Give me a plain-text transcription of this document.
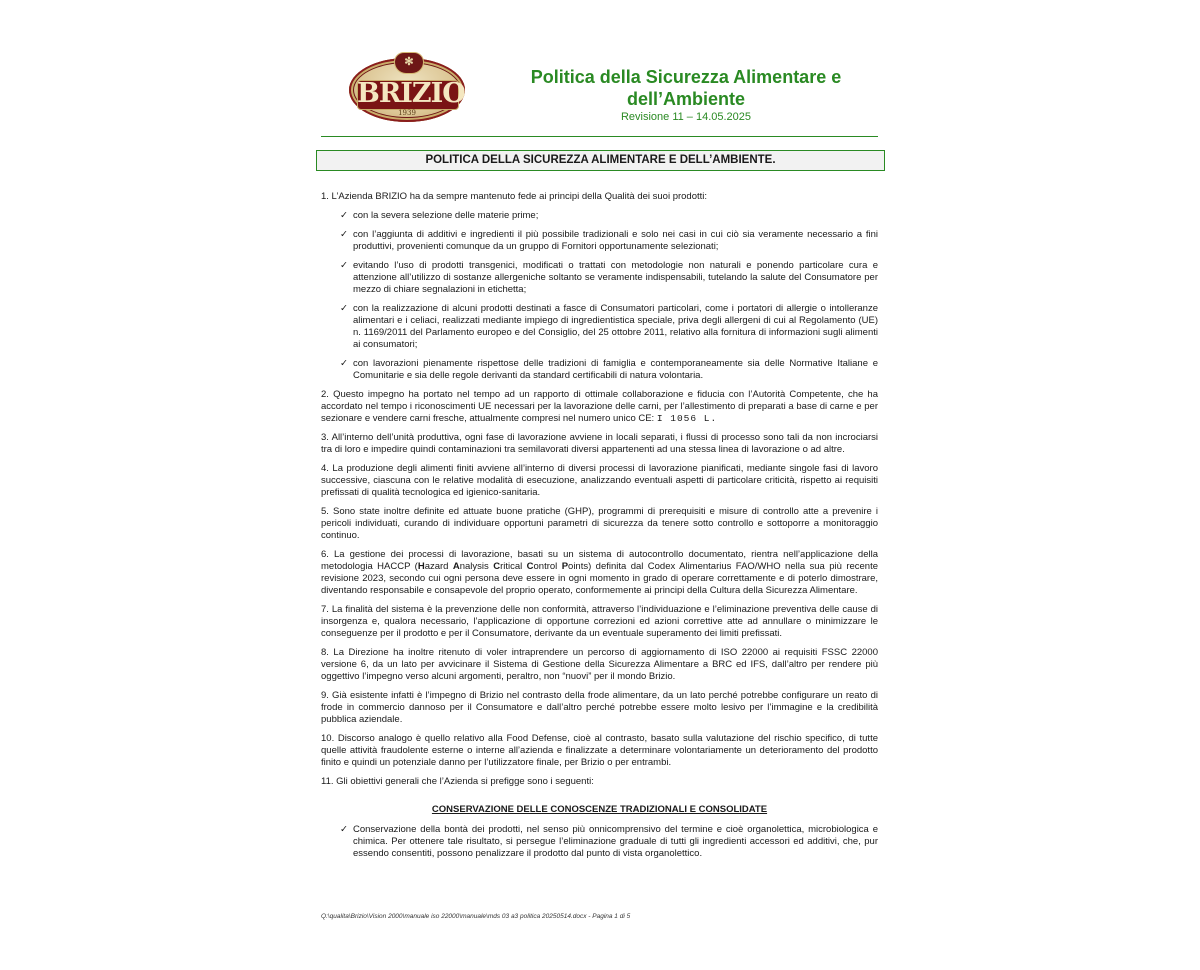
✻
BRIZIO
1939
Politica della Sicurezza Alimentare e
dell’Ambiente
Revisione 11 – 14.05.2025
POLITICA DELLA SICUREZZA ALIMENTARE E DELL’AMBIENTE.

1. L’Azienda BRIZIO ha da sempre mantenuto fede ai principi della Qualità dei suoi prodotti:

✓ con la severa selezione delle materie prime;
✓ con l’aggiunta di additivi e ingredienti il più possibile tradizionali e solo nei casi in cui ciò sia veramente necessario a fini produttivi, provenienti comunque da un gruppo di Fornitori opportunamente selezionati;
✓ evitando l’uso di prodotti transgenici, modificati o trattati con metodologie non naturali e ponendo particolare cura e attenzione all’utilizzo di sostanze allergeniche soltanto se veramente indispensabili, tutelando la salute del Consumatore per mezzo di chiare segnalazioni in etichetta;
✓ con la realizzazione di alcuni prodotti destinati a fasce di Consumatori particolari, come i portatori di allergie o intolleranze alimentari e i celiaci, realizzati mediante impiego di ingredientistica speciale, priva degli allergeni di cui al Regolamento (UE) n. 1169/2011 del Parlamento europeo e del Consiglio, del 25 ottobre 2011, relativo alla fornitura di informazioni sugli alimenti ai consumatori;
✓ con lavorazioni pienamente rispettose delle tradizioni di famiglia e contemporaneamente sia delle Normative Italiane e Comunitarie e sia delle regole derivanti da standard certificabili di natura volontaria.

2. Questo impegno ha portato nel tempo ad un rapporto di ottimale collaborazione e fiducia con l’Autorità Competente, che ha accordato nel tempo i riconoscimenti UE necessari per la lavorazione delle carni, per l’allestimento di preparati a base di carne e per sezionare e vendere carni fresche, attualmente compresi nel numero unico CE: I 1056 L.

3. All’interno dell’unità produttiva, ogni fase di lavorazione avviene in locali separati, i flussi di processo sono tali da non incrociarsi tra di loro e impedire quindi contaminazioni tra semilavorati diversi appartenenti ad una stessa linea di lavorazione o ad altre.

4. La produzione degli alimenti finiti avviene all’interno di diversi processi di lavorazione pianificati, mediante singole fasi di lavoro successive, ciascuna con le relative modalità di esecuzione, analizzando eventuali aspetti di particolare criticità, rispetto ai requisiti prefissati di qualità tecnologica ed igienico-sanitaria.

5. Sono state inoltre definite ed attuate buone pratiche (GHP), programmi di prerequisiti e misure di controllo atte a prevenire i pericoli individuati, curando di individuare opportuni parametri di sicurezza da tenere sotto controllo e sottoporre a monitoraggio continuo.

6. La gestione dei processi di lavorazione, basati su un sistema di autocontrollo documentato, rientra nell’applicazione della metodologia HACCP (Hazard Analysis Critical Control Points) definita dal Codex Alimentarius FAO/WHO nella sua più recente revisione 2023, secondo cui ogni persona deve essere in ogni momento in grado di operare correttamente e di poterlo dimostrare, diventando responsabile e consapevole del proprio operato, conformemente ai principi della Cultura della Sicurezza Alimentare.

7. La finalità del sistema è la prevenzione delle non conformità, attraverso l’individuazione e l’eliminazione preventiva delle cause di insorgenza e, qualora necessario, l’applicazione di opportune correzioni ed azioni correttive atte ad annullare o minimizzare le conseguenze per il prodotto e per il Consumatore, derivante da un eventuale superamento dei limiti prefissati.

8. La Direzione ha inoltre ritenuto di voler intraprendere un percorso di aggiornamento di ISO 22000 ai requisiti FSSC 22000 versione 6, da un lato per avvicinare il Sistema di Gestione della Sicurezza Alimentare a BRC ed IFS, dall’altro per rendere più oggettivo l’impegno verso alcuni argomenti, peraltro, non “nuovi” per il mondo Brizio.

9. Già esistente infatti è l’impegno di Brizio nel contrasto della frode alimentare, da un lato perché potrebbe configurare un reato di frode in commercio dannoso per il Consumatore e dall’altro perché potrebbe essere molto lesivo per l’immagine e la credibilità pubblica aziendale.

10. Discorso analogo è quello relativo alla Food Defense, cioè al contrasto, basato sulla valutazione del rischio specifico, di tutte quelle attività fraudolente esterne o interne all’azienda e finalizzate a determinare volontariamente un deterioramento del prodotto finito e quindi un potenziale danno per l’utilizzatore finale, per Brizio o per entrambi.

11. Gli obiettivi generali che l’Azienda si prefigge sono i seguenti:

CONSERVAZIONE DELLE CONOSCENZE TRADIZIONALI E CONSOLIDATE
✓ Conservazione della bontà dei prodotti, nel senso più onnicomprensivo del termine e cioè organolettica, microbiologica e chimica. Per ottenere tale risultato, si persegue l’eliminazione graduale di tutti gli ingredienti accessori ed additivi, che, pur essendo consentiti, possono penalizzare il prodotto dal punto di vista organolettico.
Q:\qualita\Brizio\Vision 2000\manuale iso 22000\manuale\mds 03 a3 politica 20250514.docx - Pagina 1 di 5
